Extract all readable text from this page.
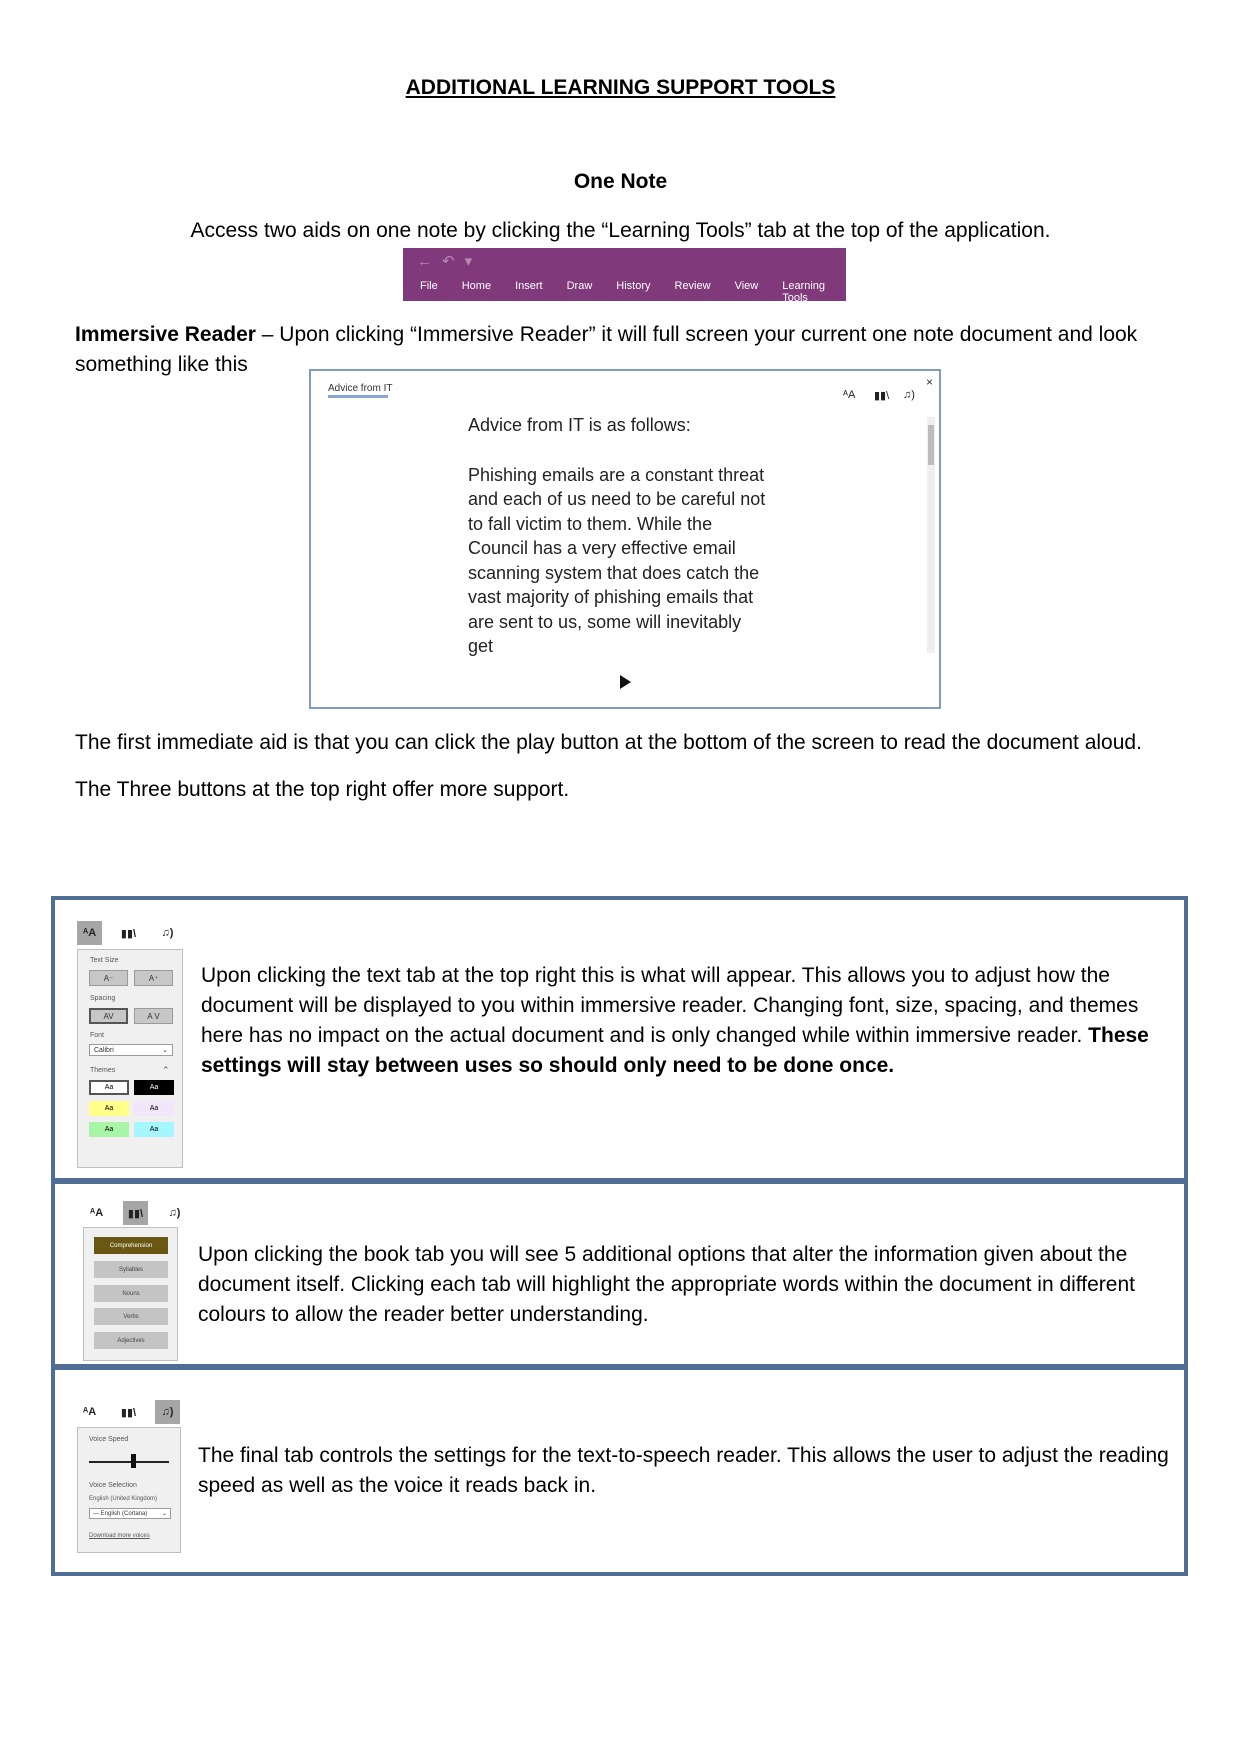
ADDITIONAL LEARNING SUPPORT TOOLS
One Note
Access two aids on one note by clicking the “Learning Tools” tab at the top of the application.
←↶▾
File	Home	Insert	Draw	History	Review	View	Learning Tools
Immersive Reader – Upon clicking “Immersive Reader” it will full screen your current one note document and look something like this
Advice from IT
ᴬA ▮▮\ ♫)
×
Advice from IT is as follows:
Phishing emails are a constant threat and each of us need to be careful not to fall victim to them. While the Council has a very effective email scanning system that does catch the vast majority of phishing emails that are sent to us, some will inevitably get
The first immediate aid is that you can click the play button at the bottom of the screen to read the document aloud.
The Three buttons at the top right offer more support.
ᴬA	▮▮\	♫)
Text Size
A⁻	A⁺
Spacing
AV	A V
Font
Calibri	⌄
Themes	⌃
Aa	Aa
Aa	Aa
Aa	Aa
Upon clicking the text tab at the top right this is what will appear. This allows you to adjust how the document will be displayed to you within immersive reader. Changing font, size, spacing, and themes here has no impact on the actual document and is only changed while within immersive reader. These settings will stay between uses so should only need to be done once.
ᴬA	▮▮\	♫)
Comprehension
Syllables
Nouns
Verbs
Adjectives
Upon clicking the book tab you will see 5 additional options that alter the information given about the document itself. Clicking each tab will highlight the appropriate words within the document in different colours to allow the reader better understanding.
ᴬA	▮▮\	♫)
Voice Speed
Voice Selection
English (United Kingdom)
— English (Cortana) ⌄
Download more voices
The final tab controls the settings for the text-to-speech reader. This allows the user to adjust the reading speed as well as the voice it reads back in.
